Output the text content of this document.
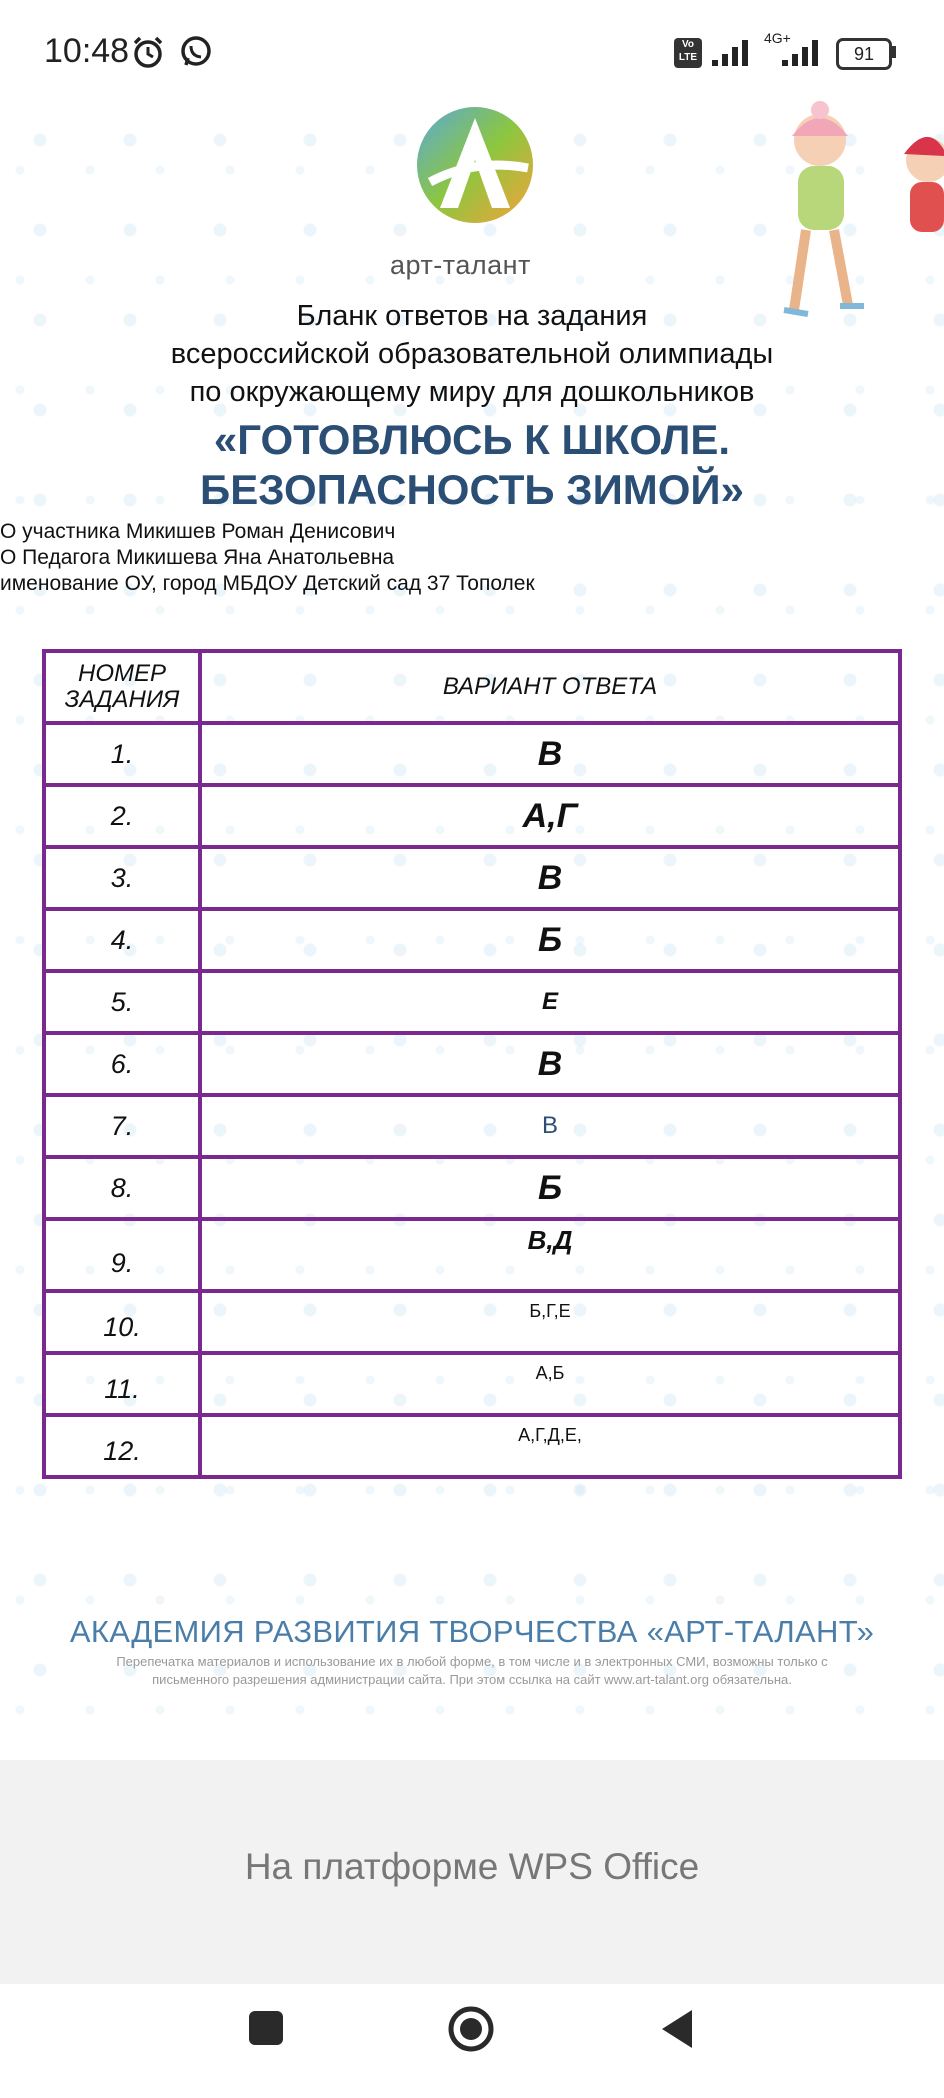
10:48	Vo LTE
4G+
91
арт-талант
Бланк ответов на задания
всероссийской образовательной олимпиады
по окружающему миру для дошкольников
«ГОТОВЛЮСЬ К ШКОЛЕ.
БЕЗОПАСНОСТЬ ЗИМОЙ»
О участника Микишев Роман Денисович
О Педагога Микишева Яна Анатольевна
именование ОУ, город МБДОУ Детский сад 37 Тополек
НОМЕР
ЗАДАНИЯ	ВАРИАНТ ОТВЕТА
1.	В
2.	А,Г
3.	В
4.	Б
5.	Е
6.	В
7.	В
8.	Б
9.	В,Д
10.	Б,Г,Е
11.	А,Б
12.	А,Г,Д,Е,
АКАДЕМИЯ РАЗВИТИЯ ТВОРЧЕСТВА «АРТ-ТАЛАНТ»
Перепечатка материалов и использование их в любой форме, в том числе и в электронных СМИ, возможны только с
письменного разрешения администрации сайта. При этом ссылка на сайт www.art-talant.org обязательна.
На платформе WPS Office
